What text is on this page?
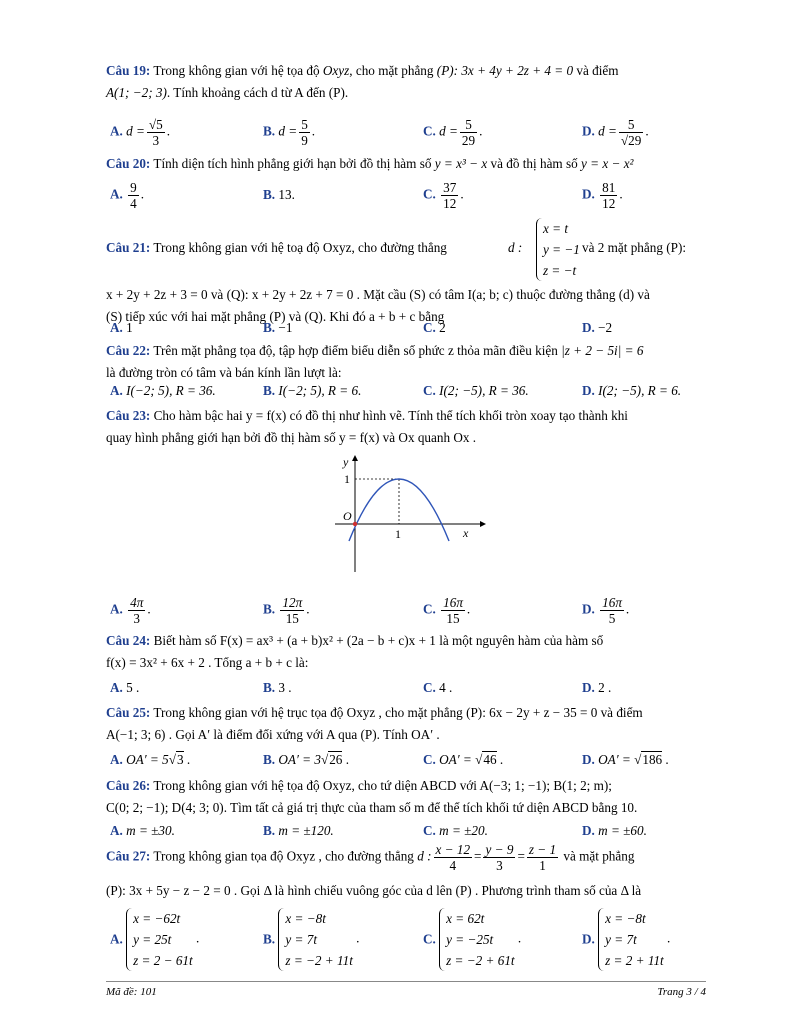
Câu 19: Trong không gian với hệ tọa độ Oxyz, cho mặt phẳng (P): 3x + 4y + 2z + 4 = 0 và điểm
A(1; −2; 3). Tính khoảng cách d từ A đến (P).
A. $d = \frac{√5}{3}$ .	B. $d = \frac{5}{9}$ .	C. $d = \frac{5}{29}$ .	D. $d = \frac{5}{√29}$ .
Câu 20: Tính diện tích hình phẳng giới hạn bởi đồ thị hàm số y = x³ − x và đồ thị hàm số y = x − x²
A. $\frac{9}{4}$ .	B. 13.	C. $\frac{37}{12}$ .	D. $\frac{81}{12}$ .
Câu 21: Trong không gian với hệ toạ độ Oxyz, cho đường thẳng	d :
x = t
y = −1
z = −t
và 2 mặt phẳng (P):
x + 2y + 2z + 3 = 0 và (Q): x + 2y + 2z + 7 = 0 . Mặt cầu (S) có tâm I(a; b; c) thuộc đường thẳng (d) và
(S) tiếp xúc với hai mặt phẳng (P) và (Q). Khi đó a + b + c bằng
A. 1	B. −1	C. 2	D. −2
Câu 22: Trên mặt phẳng tọa độ, tập hợp điểm biểu diễn số phức z thỏa mãn điều kiện |z + 2 − 5i| = 6
là đường tròn có tâm và bán kính lần lượt là:
A. I(−2; 5), R = 36.	B. I(−2; 5), R = 6.	C. I(2; −5), R = 36.	D. I(2; −5), R = 6.
Câu 23: Cho hàm bậc hai y = f(x) có đồ thị như hình vẽ. Tính thể tích khối tròn xoay tạo thành khi
quay hình phẳng giới hạn bởi đồ thị hàm số y = f(x) và Ox quanh Ox .
y
x
O
1
1
A. $\frac{4\pi}{3}$ .	B. $\frac{12\pi}{15}$ .	C. $\frac{16\pi}{15}$ .	D. $\frac{16\pi}{5}$ .
Câu 24: Biết hàm số F(x) = ax³ + (a + b)x² + (2a − b + c)x + 1 là một nguyên hàm của hàm số
f(x) = 3x² + 6x + 2 . Tổng a + b + c là:
A. 5 .	B. 3 .	C. 4 .	D. 2 .
Câu 25: Trong không gian với hệ trục tọa độ Oxyz , cho mặt phẳng (P): 6x − 2y + z − 35 = 0 và điểm
A(−1; 3; 6) . Gọi A′ là điểm đối xứng với A qua (P). Tính OA′ .
A. OA′ = 5√3 .	B. OA′ = 3√26 .	C. OA′ = √46 .	D. OA′ = √186 .
Câu 26: Trong không gian với hệ tọa độ Oxyz, cho tứ diện ABCD với A(−3; 1; −1); B(1; 2; m);
C(0; 2; −1); D(4; 3; 0). Tìm tất cả giá trị thực của tham số m để thể tích khối tứ diện ABCD bằng 10.
A. m = ±30.	B. m = ±120.	C. m = ±20.	D. m = ±60.
Câu 27: Trong không gian tọa độ Oxyz , cho đường thẳng d : $\frac{x - 12}{4} = \frac{y - 9}{3} = \frac{z - 1}{1}$ và mặt phẳng
(P): 3x + 5y − z − 2 = 0 . Gọi Δ là hình chiếu vuông góc của d lên (P) . Phương trình tham số của Δ là
A.
x = −62t
y = 25t
z = 2 − 61t
.	B.
x = −8t
y = 7t
z = −2 + 11t
.	C.
x = 62t
y = −25t
z = −2 + 61t
.	D.
x = −8t
y = 7t
z = 2 + 11t
.
Mã đề: 101	Trang 3 / 4
